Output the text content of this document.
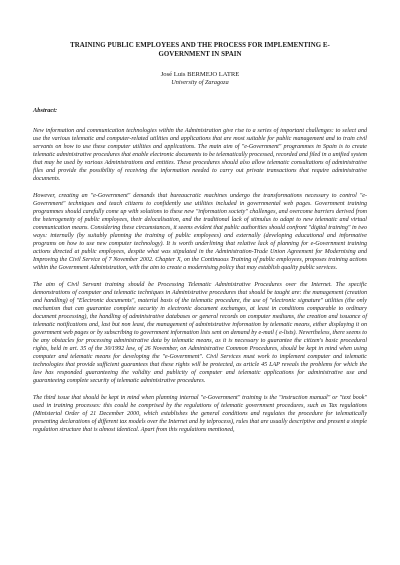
TRAINING PUBLIC EMPLOYEES AND THE PROCESS FOR IMPLEMENTING E-GOVERNMENT IN SPAIN
José Luis BERMEJO LATRE
University of Zaragoza
Abstract:

New information and communication technologies within the Administration give rise to a series of important challenges: to select and use the various telematic and computer-related utilities and applications that are most suitable for public management and to train civil servants on how to use these computer utilities and applications. The main aim of "e-Government" programmes in Spain is to create telematic administrative procedures that enable electronic documents to be telematically processed, recorded and filed in a unified system that may be used by various Administrations and entities. These procedures should also allow telematic consultations of administrative files and provide the possibility of receiving the information needed to carry out private transactions that require administrative documents.

However, creating an "e-Government" demands that bureaucratic machines undergo the transformations necessary to control "e-Government" techniques and teach citizens to confidently use utilities included in governmental web pages. Government training programmes should carefully come up with solutions to these new "information society" challenges, and overcome barriers derived from the heterogeneity of public employees, their delocalisation, and the traditional lack of stimulus to adapt to new telematic and virtual communication means. Considering these circumstances, it seems evident that public authorities should confront "digital training" in two ways: internally (by suitably planning the training of public employees) and externally (developing educational and informative programs on how to use new computer technology). It is worth underlining that relative lack of planning for e-Government training actions directed at public employees, despite what was stipulated in the Administration-Trade Union Agreement for Modernising and Improving the Civil Service of 7 November 2002. Chapter X, on the Continuous Training of public employees, proposes training actions within the Government Administration, with the aim to create a modernising policy that may establish quality public services.

The aim of Civil Servant training should be Processing Telematic Administrative Procedures over the Internet. The specific demonstrations of computer and telematic techniques in Administrative procedures that should be taught are: the management (creation and handling) of "Electronic documents", material basis of the telematic procedure, the use of "electronic signature" utilities (the only mechanism that can guarantee complete security in electronic document exchanges, at least in conditions comparable to ordinary document processing), the handling of administrative databases or general records on computer mediums, the creation and issuance of telematic notifications and, last but non least, the management of administrative information by telematic means, either displaying it on government web pages or by subscribing to government information lists sent on demand by e-mail ( e-lists). Nevertheless, there seems to be any obstacles for processing administrative data by telematic means, as it is necessary to guarantee the citizen's basic procedural rights, held in art. 35 of the 30/1992 law, of 26 November, on Administrative Common Procedures, should be kept in mind when using computer and telematic means for developing the "e-Government". Civil Services must work to implement computer and telematic technologies that provide sufficient guarantees that these rights will be protected, as article 45 LAP reveals the problems for which the law has responded guaranteeing the validity and publicity of computer and telematic applications for administrative use and guaranteeing complete security of telematic administrative procedures.

The third issue that should be kept in mind when planning internal "e-Government" training is the "instruction manual" or "text book" used in training processes: this could be comprised by the regulations of telematic government procedures, such as Tax regulations (Ministerial Order of 21 December 2000, which establishes the general conditions and regulates the procedure for telematically presenting declarations of different tax models over the Internet and by telprocess), rules that are usually descriptive and present a simple regulation structure that is almost identical. Apart from this regulations mentioned,
